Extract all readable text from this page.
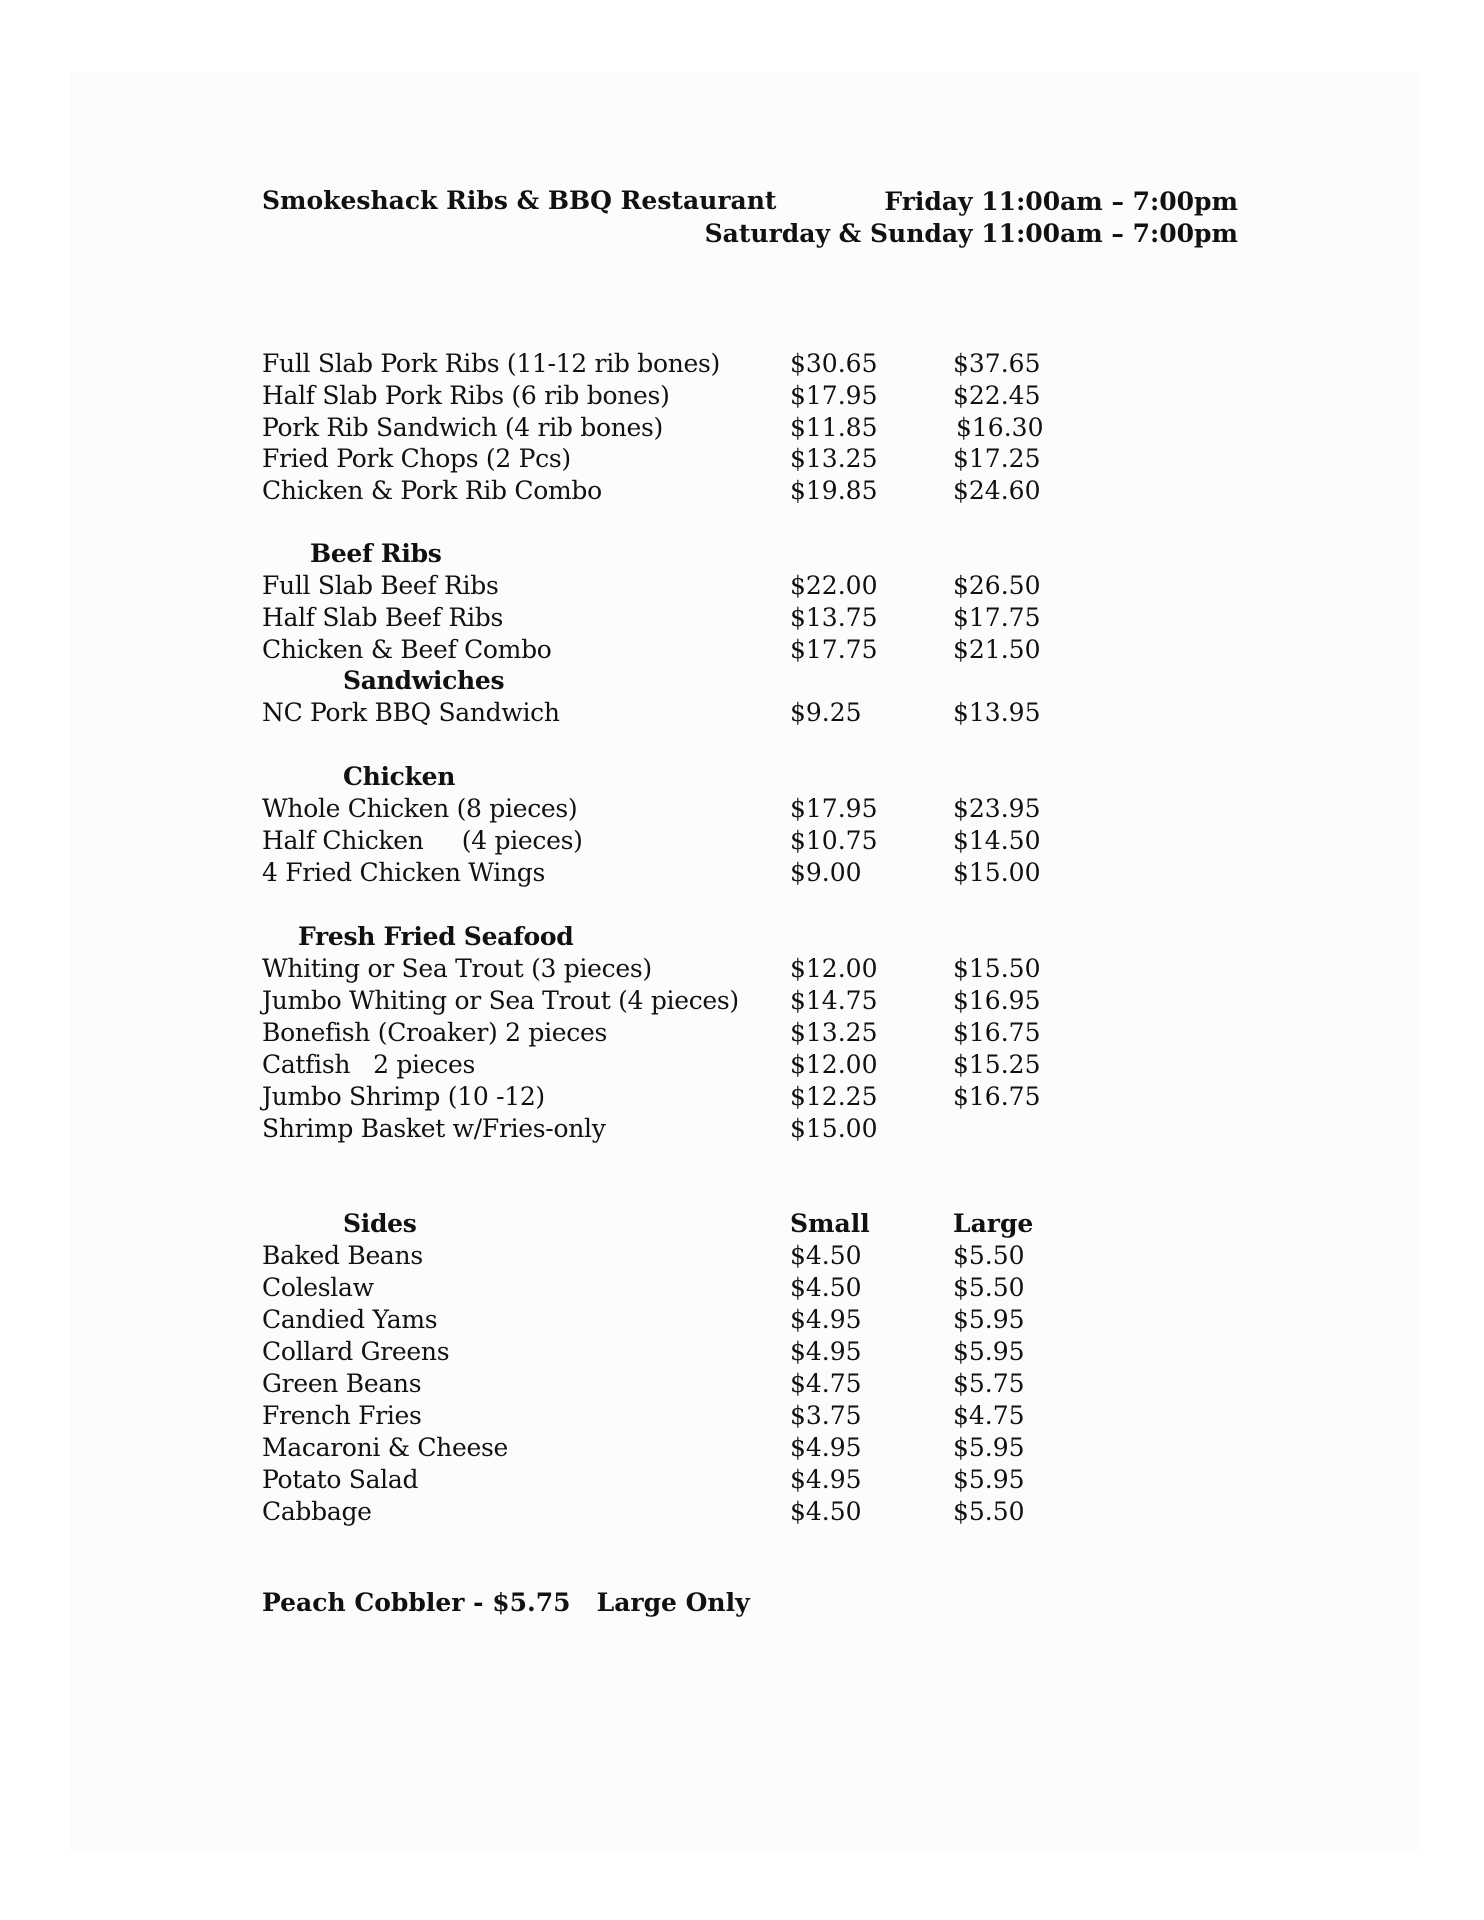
Smokeshack Ribs & BBQ Restaurant	Friday 11:00am – 7:00pm
Saturday & Sunday 11:00am – 7:00pm
Full Slab Pork Ribs (11-12 rib bones)	$30.65	$37.65
Half Slab Pork Ribs (6 rib bones)	$17.95	$22.45
Pork Rib Sandwich (4 rib bones)	$11.85	$16.30
Fried Pork Chops (2 Pcs)	$13.25	$17.25
Chicken & Pork Rib Combo	$19.85	$24.60
Beef Ribs
Full Slab Beef Ribs	$22.00	$26.50
Half Slab Beef Ribs	$13.75	$17.75
Chicken & Beef Combo	$17.75	$21.50
Sandwiches
NC Pork BBQ Sandwich	$9.25	$13.95
Chicken
Whole Chicken (8 pieces)	$17.95	$23.95
Half Chicken     (4 pieces)	$10.75	$14.50
4 Fried Chicken Wings	$9.00	$15.00
Fresh Fried Seafood
Whiting or Sea Trout (3 pieces)	$12.00	$15.50
Jumbo Whiting or Sea Trout (4 pieces) $14.75	$16.95
Bonefish (Croaker) 2 pieces	$13.25	$16.75
Catfish   2 pieces	$12.00	$15.25
Jumbo Shrimp (10 -12)	$12.25	$16.75
Shrimp Basket w/Fries-only	$15.00
Sides	Small	Large
Baked Beans	$4.50	$5.50
Coleslaw	$4.50	$5.50
Candied Yams	$4.95	$5.95
Collard Greens	$4.95	$5.95
Green Beans	$4.75	$5.75
French Fries	$3.75	$4.75
Macaroni & Cheese	$4.95	$5.95
Potato Salad	$4.95	$5.95
Cabbage	$4.50	$5.50
Peach Cobbler - $5.75   Large Only
